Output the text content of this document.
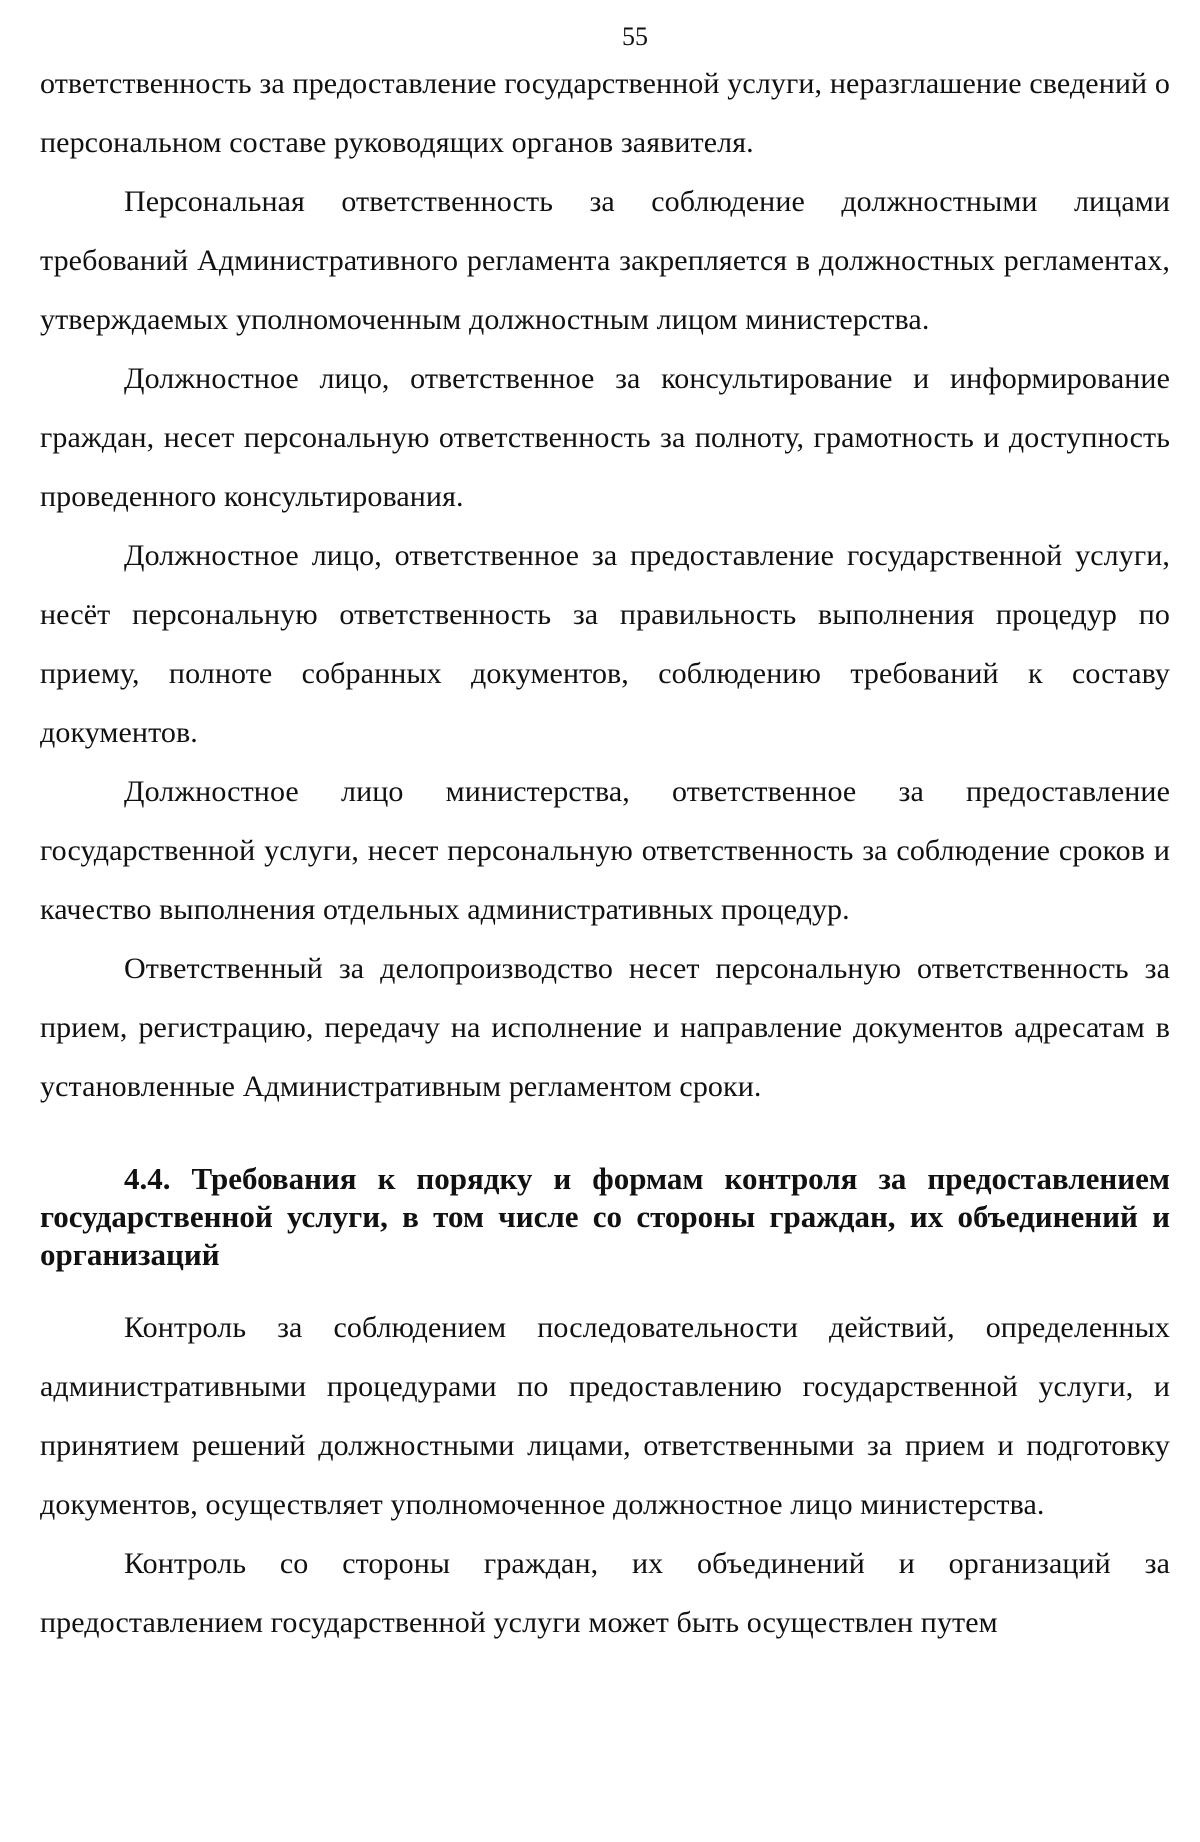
55

ответственность за предоставление государственной услуги, неразглашение сведений о персональном составе руководящих органов заявителя.

Персональная ответственность за соблюдение должностными лицами требований Административного регламента закрепляется в должностных регламентах, утверждаемых уполномоченным должностным лицом министерства.

Должностное лицо, ответственное за консультирование и информирование граждан, несет персональную ответственность за полноту, грамотность и доступность проведенного консультирования.

Должностное лицо, ответственное за предоставление государственной услуги, несёт персональную ответственность за правильность выполнения процедур по приему, полноте собранных документов, соблюдению требований к составу документов.

Должностное лицо министерства, ответственное за предоставление государственной услуги, несет персональную ответственность за соблюдение сроков и качество выполнения отдельных административных процедур.

Ответственный за делопроизводство несет персональную ответственность за прием, регистрацию, передачу на исполнение и направление документов адресатам в установленные Административным регламентом сроки.

4.4. Требования к порядку и формам контроля за предоставлением государственной услуги, в том числе со стороны граждан, их объединений и организаций

Контроль за соблюдением последовательности действий, определенных административными процедурами по предоставлению государственной услуги, и принятием решений должностными лицами, ответственными за прием и подготовку документов, осуществляет уполномоченное должностное лицо министерства.

Контроль со стороны граждан, их объединений и организаций за предоставлением государственной услуги может быть осуществлен путем
